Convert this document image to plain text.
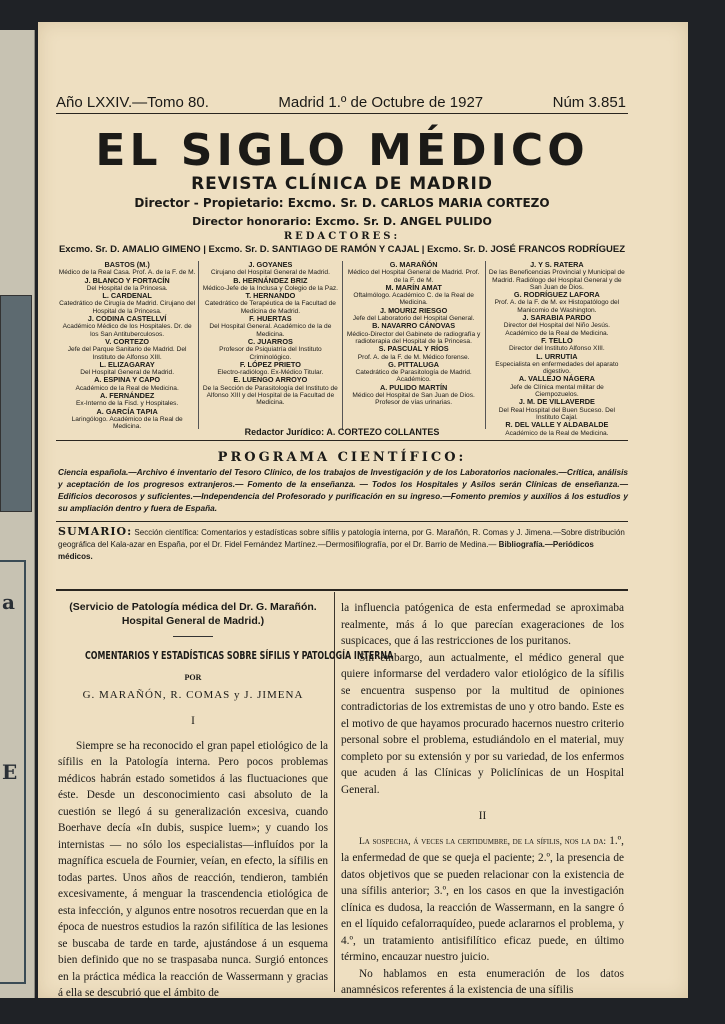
a
E
Año LXXIV.—Tomo 80.	Madrid 1.º de Octubre de 1927	Núm 3.851
EL SIGLO MÉDICO
REVISTA CLÍNICA DE MADRID
Director - Propietario: Excmo. Sr. D. CARLOS MARIA CORTEZO
Director honorario: Excmo. Sr. D. ANGEL PULIDO
REDACTORES:
Excmo. Sr. D. AMALIO GIMENO | Excmo. Sr. D. SANTIAGO DE RAMÓN Y CAJAL | Excmo. Sr. D. JOSÉ FRANCOS RODRÍGUEZ
BASTOS (M.)
Médico de la Real Casa. Prof. A. de la F. de M.
J. BLANCO Y FORTACÍN
Del Hospital de la Princesa.
L. CARDENAL
Catedrático de Cirugía de Madrid. Cirujano del Hospital de la Princesa.
J. CODINA CASTELLVÍ
Académico Médico de los Hospitales. Dr. de los San Antituberculosos.
V. CORTEZO
Jefe del Parque Sanitario de Madrid. Del Instituto de Alfonso XIII.
L. ELIZAGARAY
Del Hospital General de Madrid.
A. ESPINA Y CAPO
Académico de la Real de Medicina.
A. FERNÁNDEZ
Ex-Interno de la Fisd. y Hospitales.
A. GARCÍA TAPIA
Laringólogo. Académico de la Real de Medicina.
J. GOYANES
Cirujano del Hospital General de Madrid.
B. HERNÁNDEZ BRIZ
Médico-Jefe de la Inclusa y Colegio de la Paz.
T. HERNANDO
Catedrático de Terapéutica de la Facultad de Medicina de Madrid.
F. HUERTAS
Del Hospital General. Académico de la de Medicina.
C. JUARROS
Profesor de Psiquiatría del Instituto Criminológico.
F. LÓPEZ PRIETO
Electro-radiólogo. Ex-Médico Titular.
E. LUENGO ARROYO
De la Sección de Parasitología del Instituto de Alfonso XIII y del Hospital de la Facultad de Medicina.
G. MARAÑÓN
Médico del Hospital General de Madrid. Prof. de la F. de M.
M. MARÍN AMAT
Oftalmólogo. Académico C. de la Real de Medicina.
J. MOURIZ RIESGO
Jefe del Laboratorio del Hospital General.
B. NAVARRO CÁNOVAS
Médico-Director del Gabinete de radiografía y radioterapia del Hospital de la Princesa.
S. PASCUAL Y RÍOS
Prof. A. de la F. de M. Médico forense.
G. PITTALUGA
Catedrático de Parasitología de Madrid. Académico.
A. PULIDO MARTÍN
Médico del Hospital de San Juan de Dios. Profesor de vías urinarias.
J. Y S. RATERA
De las Beneficencias Provincial y Municipal de Madrid. Radiólogo del Hospital General y de San Juan de Dios.
G. RODRÍGUEZ LAFORA
Prof. A. de la F. de M. ex Histopatólogo del Manicomio de Washington.
J. SARABIA PARDO
Director del Hospital del Niño Jesús. Académico de la Real de Medicina.
F. TELLO
Director del Instituto Alfonso XIII.
L. URRUTIA
Especialista en enfermedades del aparato digestivo.
A. VALLEJO NÁGERA
Jefe de Clínica mental militar de Ciempozuelos.
J. M. DE VILLAVERDE
Del Real Hospital del Buen Suceso. Del Instituto Cajal.
R. DEL VALLE Y ALDABALDE
Académico de la Real de Medicina.
Redactor Jurídico: A. CORTEZO COLLANTES
PROGRAMA CIENTÍFICO:

Ciencia española.—Archivo é inventario del Tesoro Clínico, de los trabajos de Investigación y de los Laboratorios nacionales.—Crítica, análisis y aceptación de los progresos extranjeros.— Fomento de la enseñanza. — Todos los Hospitales y Asilos serán Clínicas de enseñanza.— Edificios decorosos y suficientes.—Independencia del Profesorado y purificación en su ingreso.—Fomento premios y auxilios á los estudios y su ampliación dentro y fuera de España.

SUMARIO: Sección científica: Comentarios y estadísticas sobre sífilis y patología interna, por G. Marañón, R. Comas y J. Jimena.—Sobre distribución geográfica del Kala-azar en España, por el Dr. Fidel Fernández Martínez.—Dermosifilografía, por el Dr. Barrio de Medina.— Bibliografía.—Periódicos médicos.
(Servicio de Patología médica del Dr. G. Marañón. Hospital General de Madrid.)
COMENTARIOS Y ESTADÍSTICAS SOBRE SÍFILIS Y PATOLOGÍA INTERNA
POR
G. MARAÑÓN, R. COMAS y J. JIMENA
I

Siempre se ha reconocido el gran papel etiológico de la sífilis en la Patología interna. Pero pocos problemas médicos habrán estado sometidos á las fluctuaciones que éste. Desde un desconocimiento casi absoluto de la cuestión se llegó á su generalización excesiva, cuando Boerhave decía «In dubis, suspice luem»; y cuando los internistas — no sólo los especialistas—influídos por la magnífica escuela de Fournier, veían, en efecto, la sífilis en todas partes. Unos años de reacción, tendieron, también excesivamente, á menguar la trascendencia etiológica de esta infección, y algunos entre nosotros recuerdan que en la época de nuestros estudios la razón sifilítica de las lesiones se buscaba de tarde en tarde, ajustándose á un esquema bien definido que no se traspasaba nunca. Surgió entonces en la práctica médica la reacción de Wassermann y gracias á ella se descubrió que el ámbito de

la influencia patógenica de esta enfermedad se aproximaba realmente, más á lo que parecían exageraciones de los suspicaces, que á las restricciones de los puritanos.

Sin embargo, aun actualmente, el médico general que quiere informarse del verdadero valor etiológico de la sífilis se encuentra suspenso por la multitud de opiniones contradictorias de los extremistas de uno y otro bando. Este es el motivo de que hayamos procurado hacernos nuestro criterio personal sobre el problema, estudiándolo en el material, muy completo por su extensión y por su variedad, de los enfermos que acuden á las Clínicas y Policlínicas de un Hospital General.

II

La sospecha, á veces la certidumbre, de la sífilis, nos la da: 1.º, la enfermedad de que se queja el paciente; 2.º, la presencia de datos objetivos que se pueden relacionar con la existencia de una sífilis anterior; 3.º, en los casos en que la investigación clínica es dudosa, la reacción de Wassermann, en la sangre ó en el líquido cefalorraquídeo, puede aclararnos el problema, y 4.º, un tratamiento antisifilítico eficaz puede, en último término, encauzar nuestro juicio.

No hablamos en esta enumeración de los datos anamnésicos referentes á la existencia de una sífilis
